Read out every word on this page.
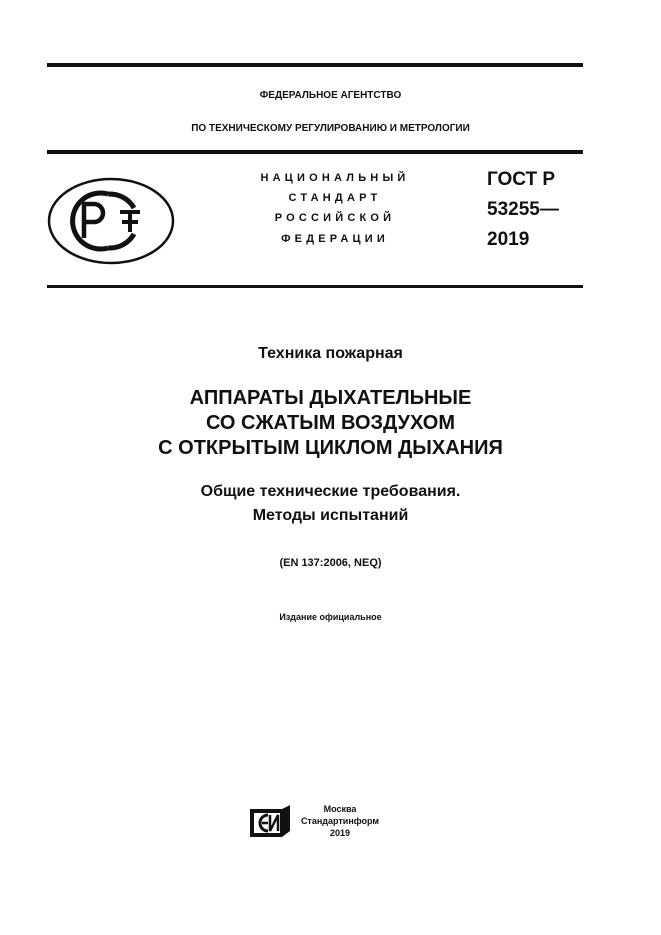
ФЕДЕРАЛЬНОЕ АГЕНТСТВО
ПО ТЕХНИЧЕСКОМУ РЕГУЛИРОВАНИЮ И МЕТРОЛОГИИ
НАЦИОНАЛЬНЫЙ
СТАНДАРТ
РОССИЙСКОЙ
ФЕДЕРАЦИИ
ГОСТ Р
53255—
2019
Техника пожарная
АППАРАТЫ ДЫХАТЕЛЬНЫЕ
СО СЖАТЫМ ВОЗДУХОМ
С ОТКРЫТЫМ ЦИКЛОМ ДЫХАНИЯ
Общие технические требования.
Методы испытаний
(EN 137:2006, NEQ)
Издание официальное
Москва
Стандартинформ
2019
